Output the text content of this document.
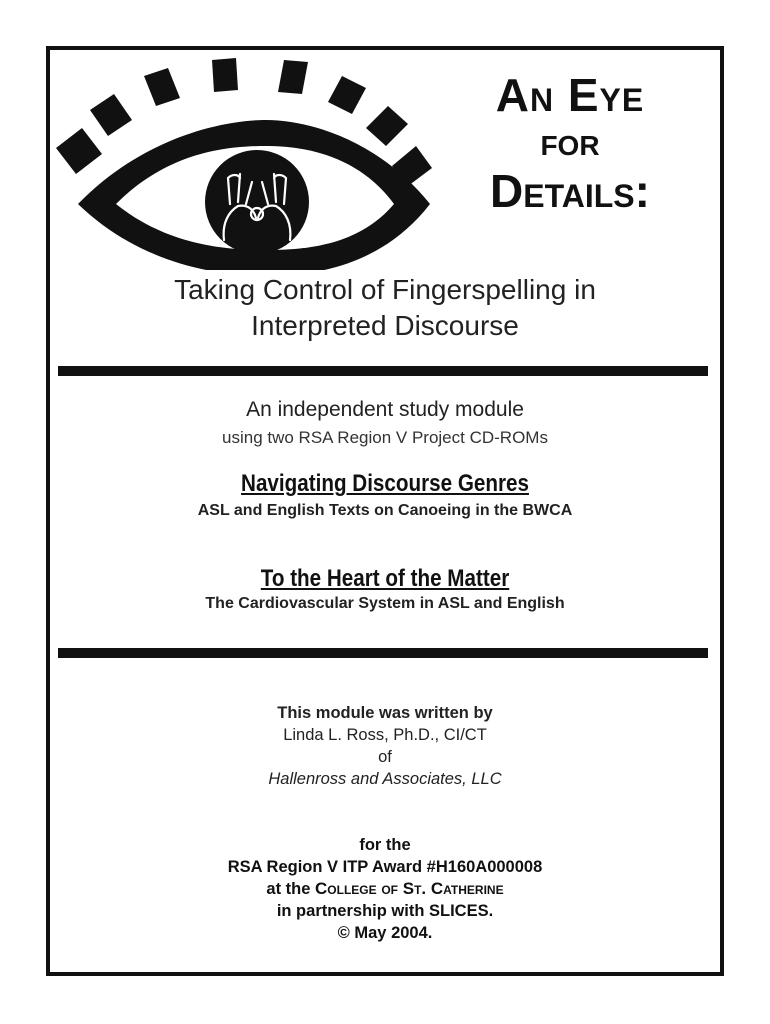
An Eye
for
Details:
Taking Control of Fingerspelling in
Interpreted Discourse
An independent study module
using two RSA Region V Project CD-ROMs
Navigating Discourse Genres
ASL and English Texts on Canoeing in the BWCA
To the Heart of the Matter
The Cardiovascular System in ASL and English
This module was written by
Linda L. Ross, Ph.D., CI/CT
of
Hallenross and Associates, LLC
for the
RSA Region V ITP Award #H160A000008
at the College of St. Catherine
in partnership with SLICES.
© May 2004.
